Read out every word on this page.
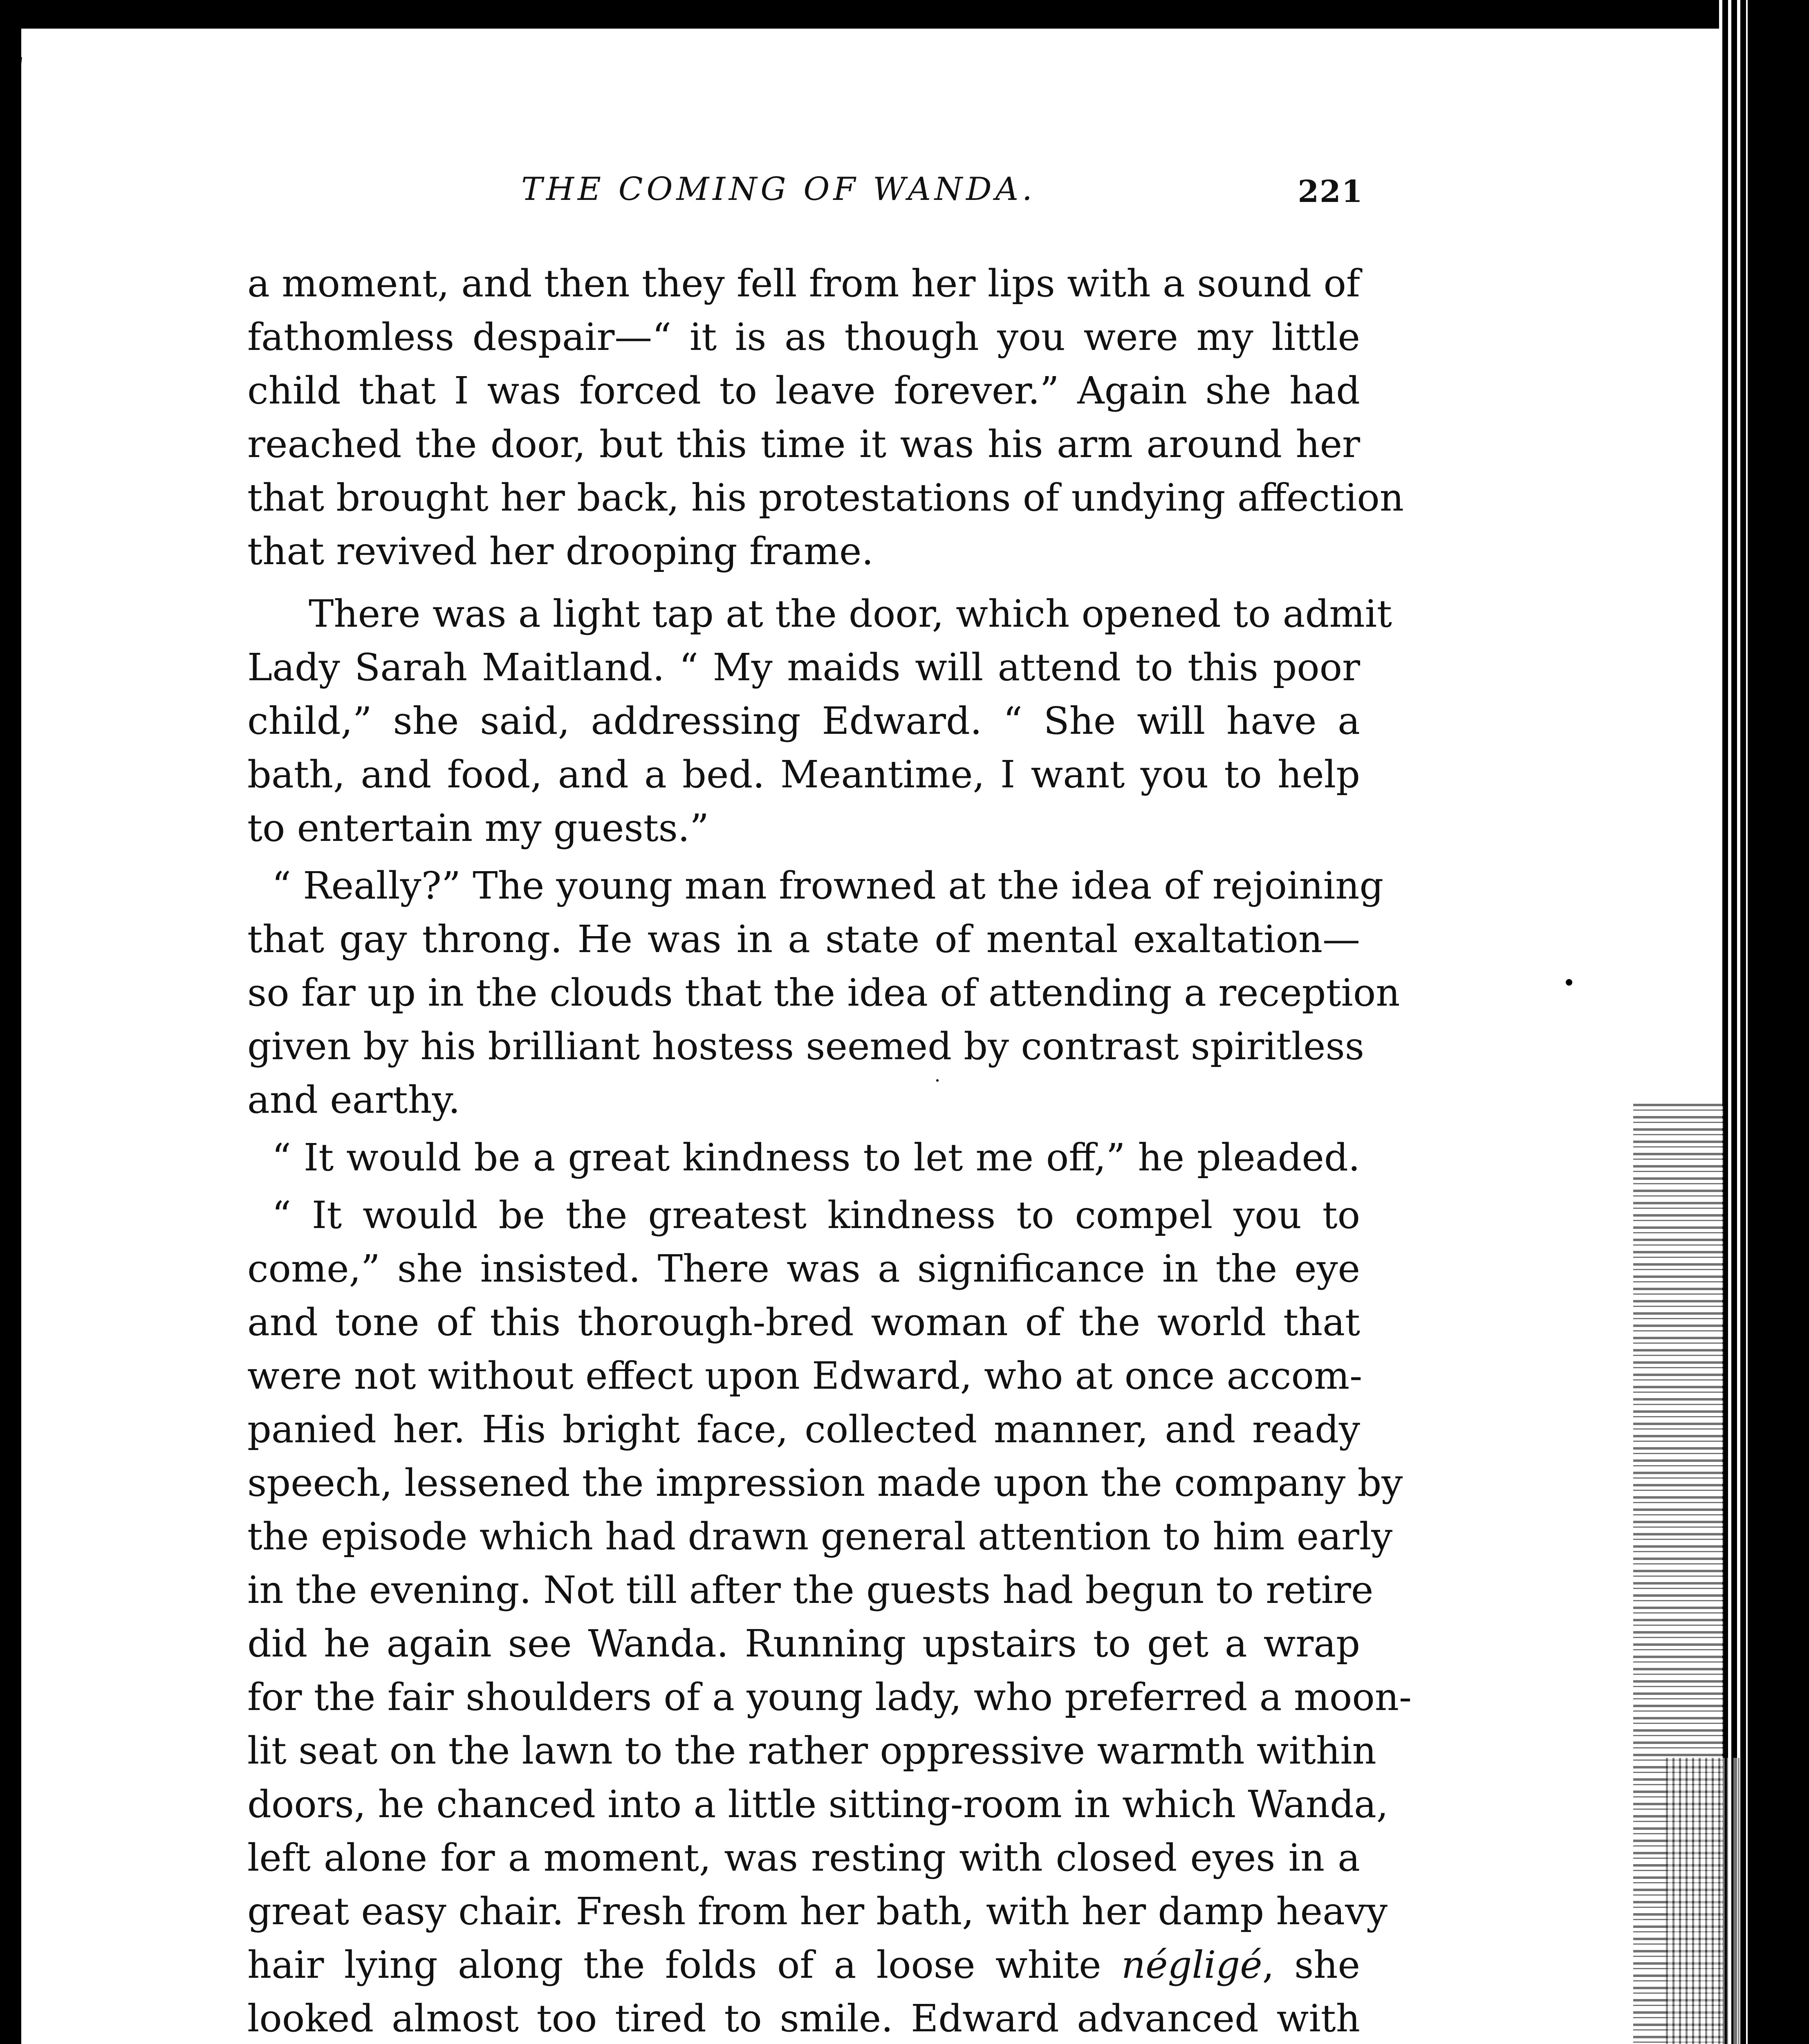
THE COMING OF WANDA.	221
a moment, and then they fell from her lips with a sound of
fathomless despair—“ it is as though you were my little
child that I was forced to leave forever.” Again she had
reached the door, but this time it was his arm around her
that brought her back, his protestations of undying affection
that revived her drooping frame.
There was a light tap at the door, which opened to admit
Lady Sarah Maitland. “ My maids will attend to this poor
child,” she said, addressing Edward. “ She will have a
bath, and food, and a bed. Meantime, I want you to help
to entertain my guests.”
“ Really?” The young man frowned at the idea of rejoining
that gay throng. He was in a state of mental exaltation—
so far up in the clouds that the idea of attending a reception
given by his brilliant hostess seemed by contrast spiritless
and earthy.
“ It would be a great kindness to let me off,” he pleaded.
“ It would be the greatest kindness to compel you to
come,” she insisted. There was a significance in the eye
and tone of this thorough-bred woman of the world that
were not without effect upon Edward, who at once accom-
panied her. His bright face, collected manner, and ready
speech, lessened the impression made upon the company by
the episode which had drawn general attention to him early
in the evening. Not till after the guests had begun to retire
did he again see Wanda. Running upstairs to get a wrap
for the fair shoulders of a young lady, who preferred a moon-
lit seat on the lawn to the rather oppressive warmth within
doors, he chanced into a little sitting-room in which Wanda,
left alone for a moment, was resting with closed eyes in a
great easy chair. Fresh from her bath, with her damp heavy
hair lying along the folds of a loose white négligé, she
looked almost too tired to smile. Edward advanced with
